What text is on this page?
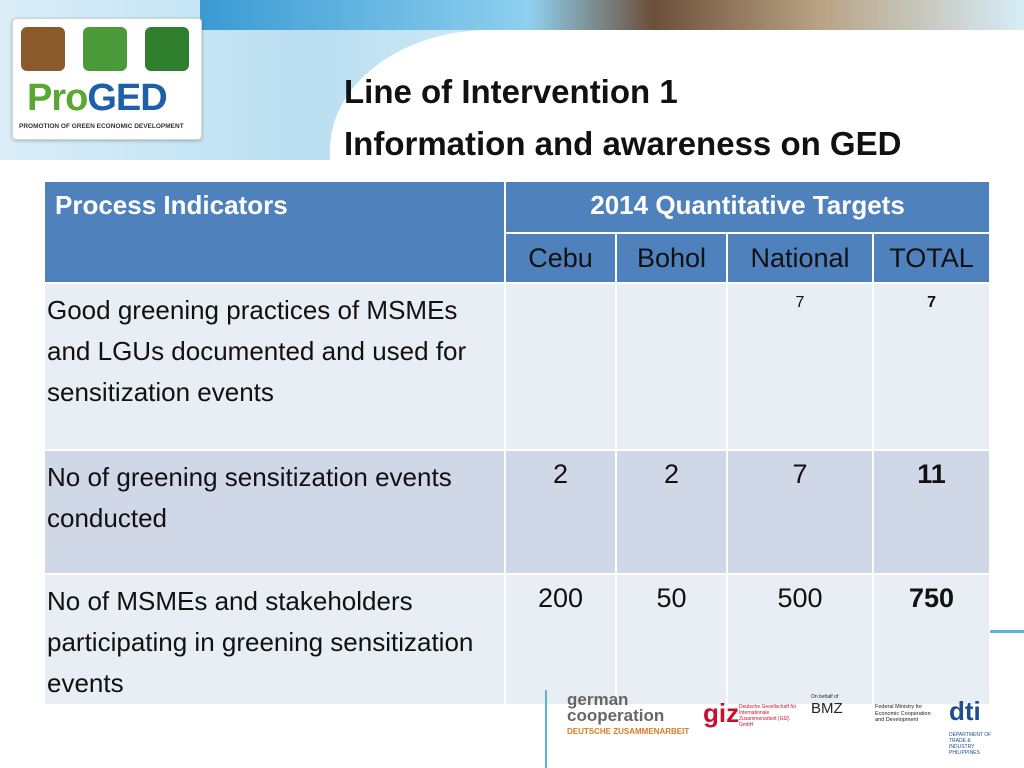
ProGED
PROMOTION OF GREEN ECONOMIC DEVELOPMENT
Line of Intervention 1
Information and awareness on GED
Process Indicators	2014 Quantitative Targets			
	Cebu	Bohol	National	TOTAL
Good greening practices of MSMEs and LGUs documented and used for sensitization events			7	7
No of greening sensitization events conducted	2	2	7	11
No of MSMEs and stakeholders participating in greening sensitization events	200	50	500	750
german
cooperation
DEUTSCHE ZUSAMMENARBEIT
giz Deutsche Gesellschaft für Internationale Zusammenarbeit (GIZ) GmbH
On behalf of
BMZ	Federal Ministry for Economic Cooperation and Development	dti
DEPARTMENT OF TRADE & INDUSTRY PHILIPPINES
